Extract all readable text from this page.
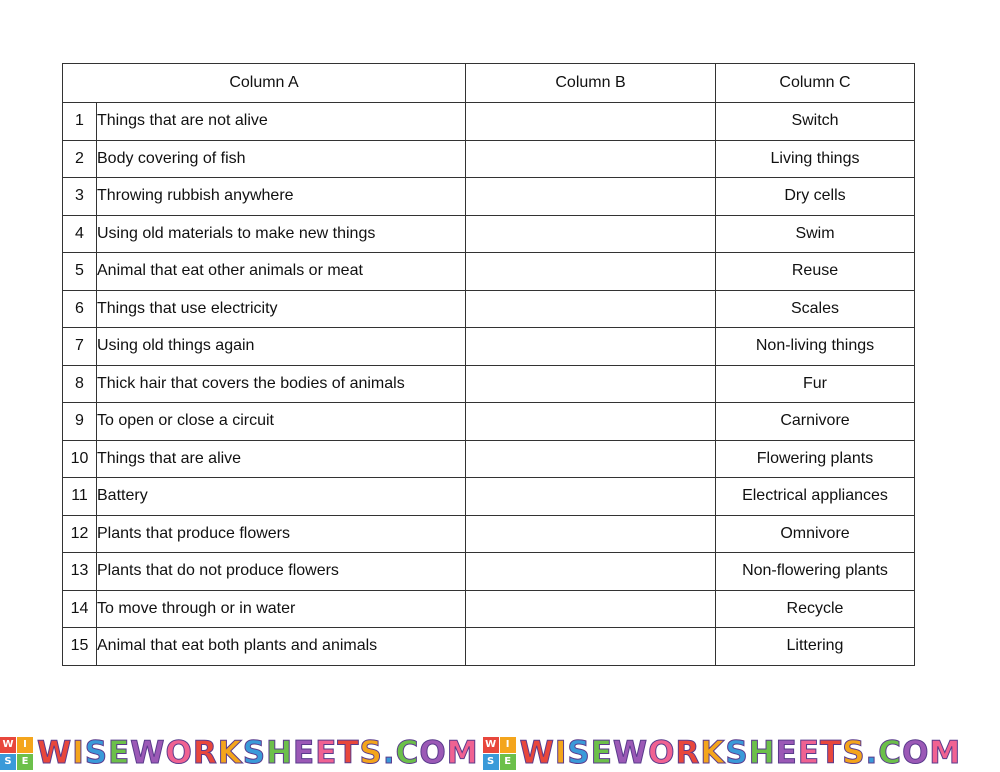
Column A		Column B	Column C
1	Things that are not alive		Switch
2	Body covering of fish		Living things
3	Throwing rubbish anywhere		Dry cells
4	Using old materials to make new things		Swim
5	Animal that eat other animals or meat		Reuse
6	Things that use electricity		Scales
7	Using old things again		Non-living things
8	Thick hair that covers the bodies of animals		Fur
9	To open or close a circuit		Carnivore
10	Things that are alive		Flowering plants
11	Battery		Electrical appliances
12	Plants that produce flowers		Omnivore
13	Plants that do not produce flowers		Non-flowering plants
14	To move through or in water		Recycle
15	Animal that eat both plants and animals		Littering
W I
S E WISEWORKSHEETS.COM W I
S E WISEWORKSHEETS.COM
